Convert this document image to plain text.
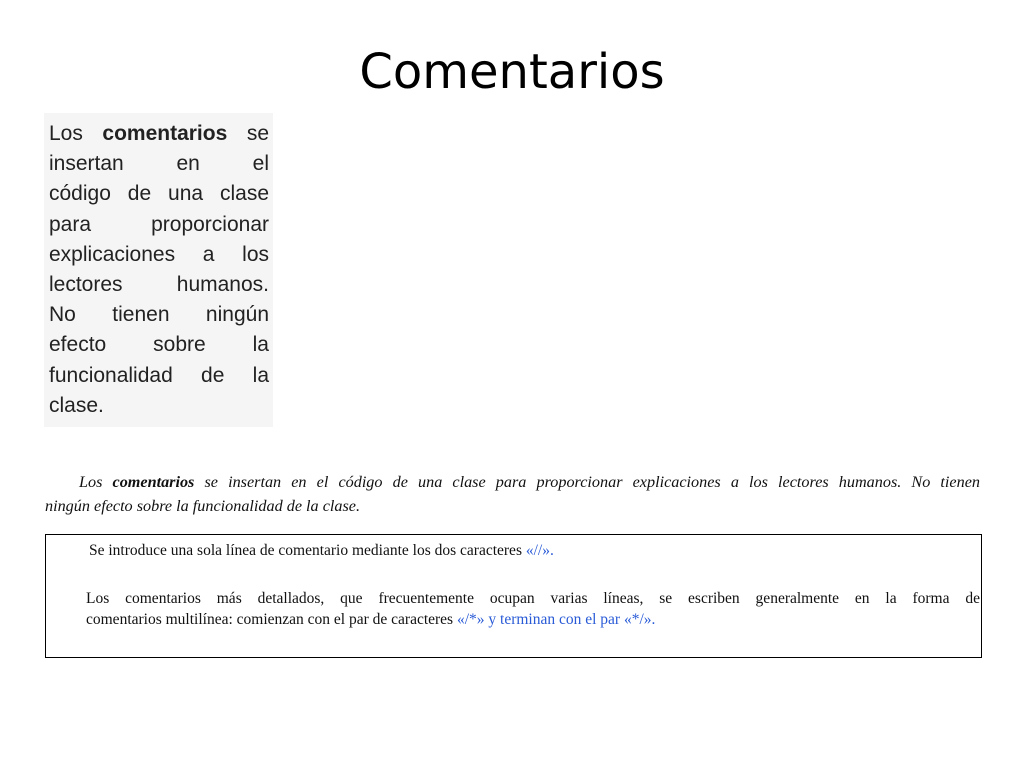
Comentarios
Los comentarios se
insertan en el
código de una clase
para proporcionar
explicaciones a los
lectores humanos.
No tienen ningún
efecto sobre la
funcionalidad de la
clase.

Los comentarios se insertan en el código de una clase para proporcionar explicaciones a los lectores humanos. No tienen
ningún efecto sobre la funcionalidad de la clase.

Se introduce una sola línea de comentario mediante los dos caracteres «//».
Los comentarios más detallados, que frecuentemente ocupan varias líneas, se escriben generalmente en la forma de
comentarios multilínea: comienzan con el par de caracteres «/*» y terminan con el par «*/».
